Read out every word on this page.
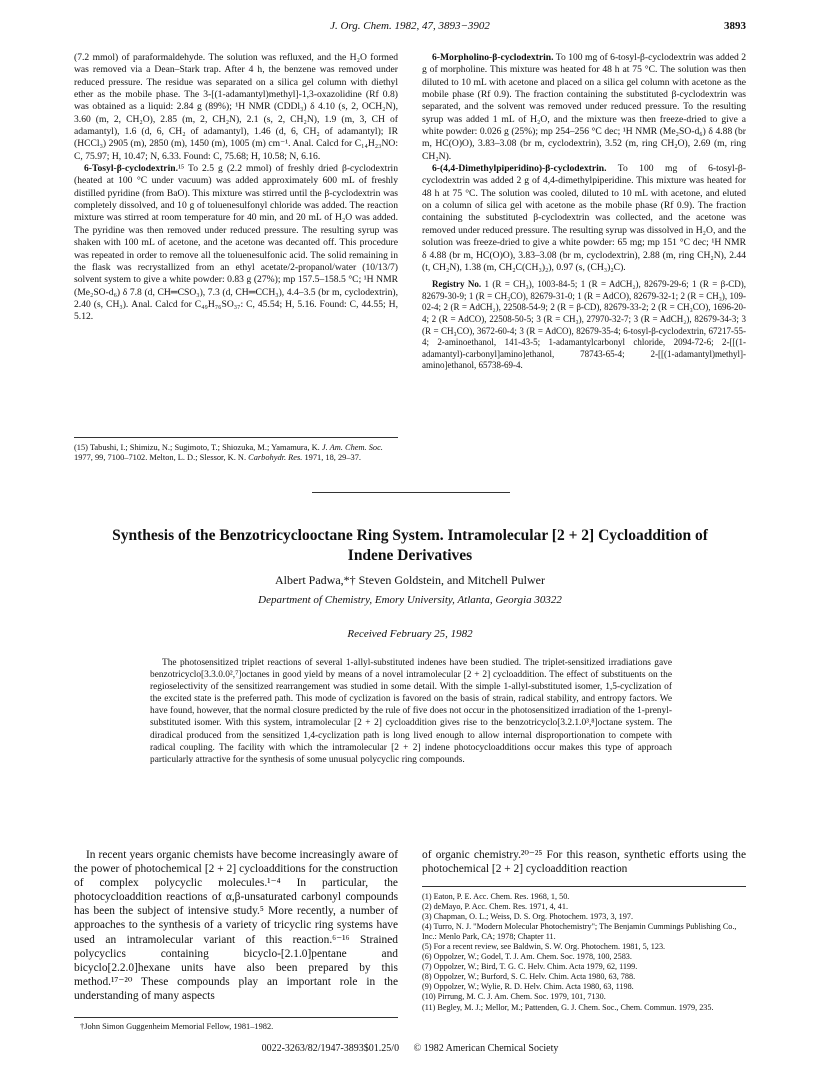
J. Org. Chem. 1982, 47, 3893−3902	3893

(7.2 mmol) of paraformaldehyde. The solution was refluxed, and the H₂O formed was removed via a Dean–Stark trap. After 4 h, the benzene was removed under reduced pressure. The residue was separated on a silica gel column with diethyl ether as the mobile phase. The 3-[(1-adamantyl)methyl]-1,3-oxazolidine (Rf 0.8) was obtained as a liquid: 2.84 g (89%); ¹H NMR (CDDl₃) δ 4.10 (s, 2, OCH₂N), 3.60 (m, 2, CH₂O), 2.85 (m, 2, CH₂N), 2.1 (s, 2, CH₂N), 1.9 (m, 3, CH of adamantyl), 1.6 (d, 6, CH₂ of adamantyl), 1.46 (d, 6, CH₂ of adamantyl); IR (HCCl₃) 2905 (m), 2850 (m), 1450 (m), 1005 (m) cm⁻¹. Anal. Calcd for C₁₄H₂₃NO: C, 75.97; H, 10.47; N, 6.33. Found: C, 75.68; H, 10.58; N, 6.16.

6-Tosyl-β-cyclodextrin.¹⁵ To 2.5 g (2.2 mmol) of freshly dried β-cyclodextrin (heated at 100 °C under vacuum) was added approximately 600 mL of freshly distilled pyridine (from BaO). This mixture was stirred until the β-cyclodextrin was completely dissolved, and 10 g of toluenesulfonyl chloride was added. The reaction mixture was stirred at room temperature for 40 min, and 20 mL of H₂O was added. The pyridine was then removed under reduced pressure. The resulting syrup was shaken with 100 mL of acetone, and the acetone was decanted off. This procedure was repeated in order to remove all the toluenesulfonic acid. The solid remaining in the flask was recrystallized from an ethyl acetate/2-propanol/water (10/13/7) solvent system to give a white powder: 0.83 g (27%); mp 157.5–158.5 °C; ¹H NMR (Me₂SO-d₆) δ 7.8 (d, CH═CSO₃), 7.3 (d, CH═CCH₃), 4.4–3.5 (br m, cyclodextrin), 2.40 (s, CH₃). Anal. Calcd for C₄₉H₇₆SO₃₇: C, 45.54; H, 5.16. Found: C, 44.55; H, 5.12.

(15) Tabushi, I.; Shimizu, N.; Sugimoto, T.; Shiozuka, M.; Yamamura, K. J. Am. Chem. Soc. 1977, 99, 7100–7102. Melton, L. D.; Slessor, K. N. Carbohydr. Res. 1971, 18, 29–37.

6-Morpholino-β-cyclodextrin. To 100 mg of 6-tosyl-β-cyclodextrin was added 2 g of morpholine. This mixture was heated for 48 h at 75 °C. The solution was then diluted to 10 mL with acetone and placed on a silica gel column with acetone as the mobile phase (Rf 0.9). The fraction containing the substituted β-cyclodextrin was separated, and the solvent was removed under reduced pressure. To the resulting syrup was added 1 mL of H₂O, and the mixture was then freeze-dried to give a white powder: 0.026 g (25%); mp 254–256 °C dec; ¹H NMR (Me₂SO-d₆) δ 4.88 (br m, HC(O)O), 3.83–3.08 (br m, cyclodextrin), 3.52 (m, ring CH₂O), 2.69 (m, ring CH₂N).

6-(4,4-Dimethylpiperidino)-β-cyclodextrin. To 100 mg of 6-tosyl-β-cyclodextrin was added 2 g of 4,4-dimethylpiperidine. This mixture was heated for 48 h at 75 °C. The solution was cooled, diluted to 10 mL with acetone, and eluted on a column of silica gel with acetone as the mobile phase (Rf 0.9). The fraction containing the substituted β-cyclodextrin was collected, and the acetone was removed under reduced pressure. The resulting syrup was dissolved in H₂O, and the solution was freeze-dried to give a white powder: 65 mg; mp 151 °C dec; ¹H NMR δ 4.88 (br m, HC(O)O), 3.83–3.08 (br m, cyclodextrin), 2.88 (m, ring CH₂N), 2.44 (t, CH₂N), 1.38 (m, CH₂C(CH₃)₂), 0.97 (s, (CH₃)₂C).

Registry No. 1 (R = CH₃), 1003-84-5; 1 (R = AdCH₂), 82679-29-6; 1 (R = β-CD), 82679-30-9; 1 (R = CH₃CO), 82679-31-0; 1 (R = AdCO), 82679-32-1; 2 (R = CH₃), 109-02-4; 2 (R = AdCH₂), 22508-54-9; 2 (R = β-CD), 82679-33-2; 2 (R = CH₃CO), 1696-20-4; 2 (R = AdCO), 22508-50-5; 3 (R = CH₃), 27970-32-7; 3 (R = AdCH₂), 82679-34-3; 3 (R = CH₃CO), 3672-60-4; 3 (R = AdCO), 82679-35-4; 6-tosyl-β-cyclodextrin, 67217-55-4; 2-aminoethanol, 141-43-5; 1-adamantylcarbonyl chloride, 2094-72-6; 2-[[(1-adamantyl)-carbonyl]amino]ethanol, 78743-65-4; 2-[[(1-adamantyl)methyl]-amino]ethanol, 65738-69-4.

Synthesis of the Benzotricyclooctane Ring System. Intramolecular [2 + 2] Cycloaddition of Indene Derivatives
Albert Padwa,*† Steven Goldstein, and Mitchell Pulwer
Department of Chemistry, Emory University, Atlanta, Georgia 30322
Received February 25, 1982
The photosensitized triplet reactions of several 1-allyl-substituted indenes have been studied. The triplet-sensitized irradiations gave benzotricyclo[3.3.0.0²,⁷]octanes in good yield by means of a novel intramolecular [2 + 2] cycloaddition. The effect of substituents on the regioselectivity of the sensitized rearrangement was studied in some detail. With the simple 1-allyl-substituted isomer, 1,5-cyclization of the excited state is the preferred path. This mode of cyclization is favored on the basis of strain, radical stability, and entropy factors. We have found, however, that the normal closure predicted by the rule of five does not occur in the photosensitized irradiation of the 1-prenyl-substituted isomer. With this system, intramolecular [2 + 2] cycloaddition gives rise to the benzotricyclo[3.2.1.0³,⁸]octane system. The diradical produced from the sensitized 1,4-cyclization path is long lived enough to allow internal disproportionation to compete with radical coupling. The facility with which the intramolecular [2 + 2] indene photocycloadditions occur makes this type of approach particularly attractive for the synthesis of some unusual polycyclic ring compounds.
In recent years organic chemists have become increasingly aware of the power of photochemical [2 + 2] cycloadditions for the construction of complex polycyclic molecules.¹⁻⁴ In particular, the photocycloaddition reactions of α,β-unsaturated carbonyl compounds has been the subject of intensive study.⁵ More recently, a number of approaches to the synthesis of a variety of tricyclic ring systems have used an intramolecular variant of this reaction.⁶⁻¹⁶ Strained polycyclics containing bicyclo-[2.1.0]pentane and bicyclo[2.2.0]hexane units have also been prepared by this method.¹⁷⁻²⁰ These compounds play an important role in the understanding of many aspects
of organic chemistry.²⁰⁻²⁵ For this reason, synthetic efforts using the photochemical [2 + 2] cycloaddition reaction

(1) Eaton, P. E. Acc. Chem. Res. 1968, 1, 50.

(2) deMayo, P. Acc. Chem. Res. 1971, 4, 41.

(3) Chapman, O. L.; Weiss, D. S. Org. Photochem. 1973, 3, 197.

(4) Turro, N. J. "Modern Molecular Photochemistry"; The Benjamin Cummings Publishing Co., Inc.: Menlo Park, CA; 1978; Chapter 11.

(5) For a recent review, see Baldwin, S. W. Org. Photochem. 1981, 5, 123.

(6) Oppolzer, W.; Godel, T. J. Am. Chem. Soc. 1978, 100, 2583.

(7) Oppolzer, W.; Bird, T. G. C. Helv. Chim. Acta 1979, 62, 1199.

(8) Oppolzer, W.; Burford, S. C. Helv. Chim. Acta 1980, 63, 788.

(9) Oppolzer, W.; Wylie, R. D. Helv. Chim. Acta 1980, 63, 1198.

(10) Pirrung, M. C. J. Am. Chem. Soc. 1979, 101, 7130.

(11) Begley, M. J.; Mellor, M.; Pattenden, G. J. Chem. Soc., Chem. Commun. 1979, 235.

†John Simon Guggenheim Memorial Fellow, 1981–1982.
0022-3263/82/1947-3893$01.25/0 © 1982 American Chemical Society
